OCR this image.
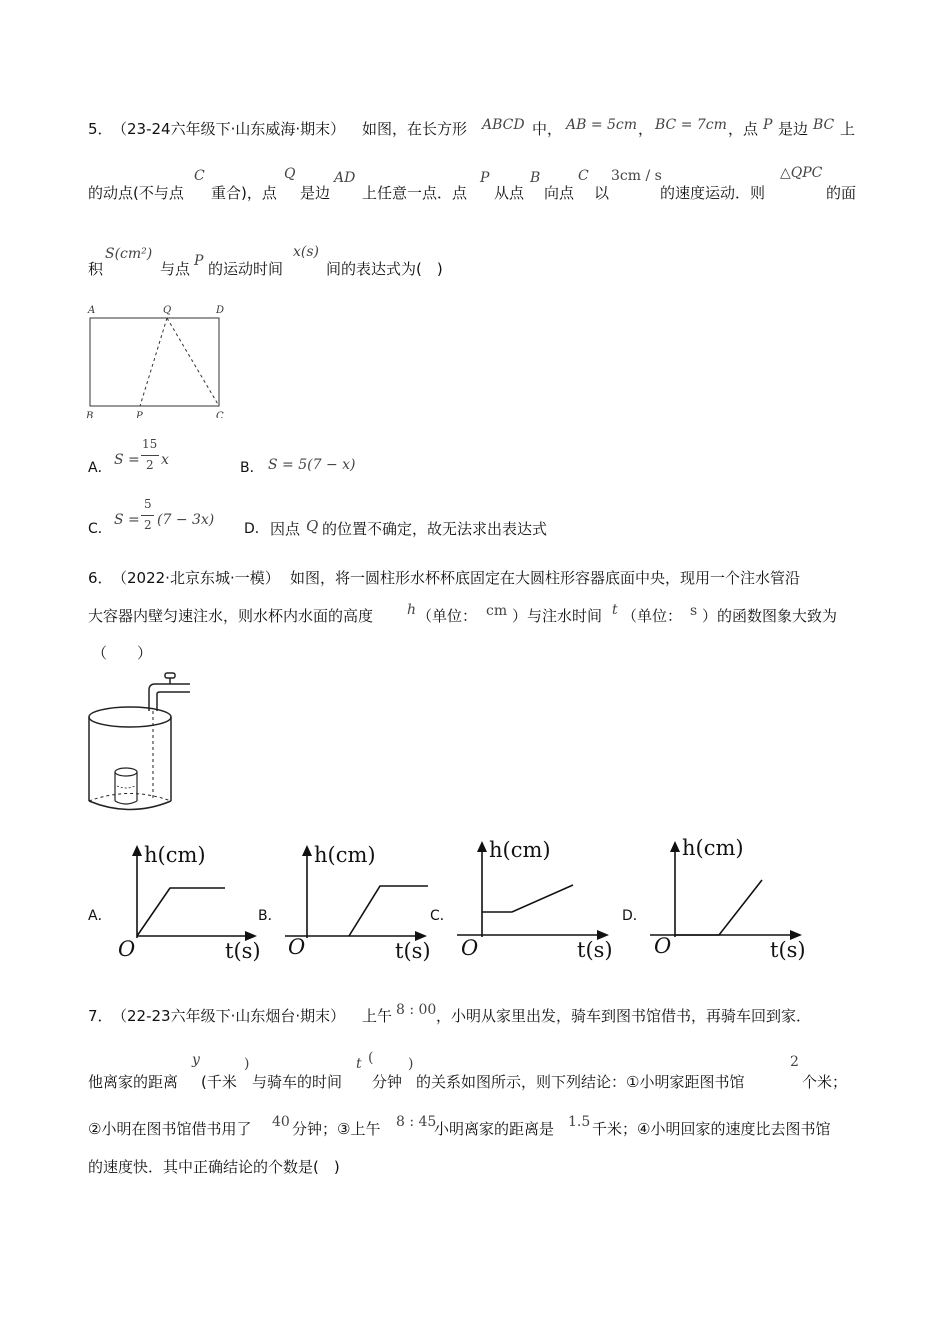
5． （23-24六年级下·山东威海·期末） 如图，在长方形 ABCD 中， AB = 5cm ， BC = 7cm ，点 P 是边 BC 上
的动点(不与点
C
重合)，点
Q
是边
AD
上任意一点．点
P
从点
B
向点
C
以
3cm / s
的速度运动．则
△QPC
的面
积
S(cm²)
与点 P 的运动时间
x(s)
间的表达式为(　)
A	Q	D
B	P	C
A． S =
15
2 x	B． S = 5(7 − x)
C．
S =
5
2 (7 − 3x)
D． 因点 Q 的位置不确定，故无法求出表达式
6． （2022·北京东城·一模） 如图，将一圆柱形水杯杯底固定在大圆柱形容器底面中央，现用一个注水管沿
大容器内壁匀速注水，则水杯内水面的高度 h （单位： cm ）与注水时间 t （单位： s ）的函数图象大致为
（　　）
A．
h(cm)
t(s)
O
B．
h(cm)
t(s)
O
C．
h(cm)
t(s)
O
D．
h(cm)
t(s)
O
7． （22-23六年级下·山东烟台·期末） 上午 8 : 00 ，小明从家里出发，骑车到图书馆借书，再骑车回到家．
他离家的距离
y
(千米
)
与骑车的时间
t (
分钟
)
的关系如图所示，则下列结论：①小明家距图书馆
2
个米；
②小明在图书馆借书用了 40 分钟；③上午 8 : 45
小明离家的距离是 1.5 千米；④小明回家的速度比去图书馆
的速度快．其中正确结论的个数是(　)
